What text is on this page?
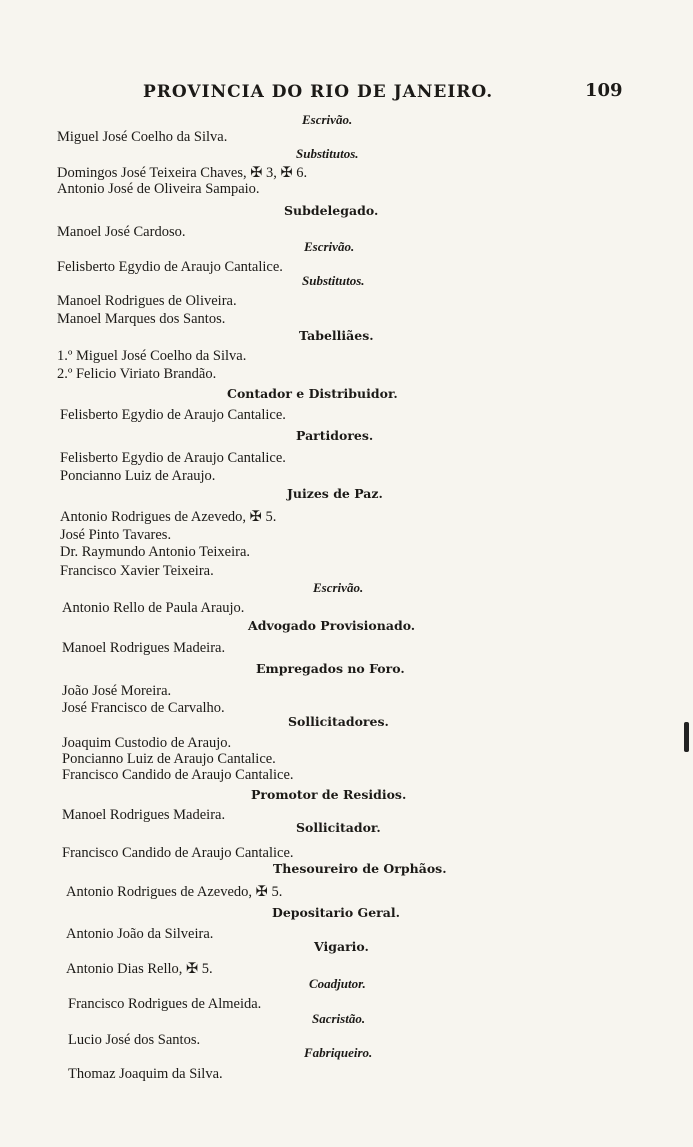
PROVINCIA DO RIO DE JANEIRO.	109
Escrivão.
Miguel José Coelho da Silva.
Substitutos.
Domingos José Teixeira Chaves, ✠ 3, ✠ 6.
Antonio José de Oliveira Sampaio.
Subdelegado.
Manoel José Cardoso.
Escrivão.
Felisberto Egydio de Araujo Cantalice.
Substitutos.
Manoel Rodrigues de Oliveira.
Manoel Marques dos Santos.
Tabelliães.
1.º Miguel José Coelho da Silva.
2.º Felicio Viriato Brandão.
Contador e Distribuidor.
Felisberto Egydio de Araujo Cantalice.
Partidores.
Felisberto Egydio de Araujo Cantalice.
Poncianno Luiz de Araujo.
Juizes de Paz.
Antonio Rodrigues de Azevedo, ✠ 5.
José Pinto Tavares.
Dr. Raymundo Antonio Teixeira.
Francisco Xavier Teixeira.
Escrivão.
Antonio Rello de Paula Araujo.
Advogado Provisionado.
Manoel Rodrigues Madeira.
Empregados no Foro.
João José Moreira.
José Francisco de Carvalho.
Sollicitadores.
Joaquim Custodio de Araujo.
Poncianno Luiz de Araujo Cantalice.
Francisco Candido de Araujo Cantalice.
Promotor de Residios.
Manoel Rodrigues Madeira.
Sollicitador.
Francisco Candido de Araujo Cantalice.
Thesoureiro de Orphãos.
Antonio Rodrigues de Azevedo, ✠ 5.
Depositario Geral.
Antonio João da Silveira.
Vigario.
Antonio Dias Rello, ✠ 5.
Coadjutor.
Francisco Rodrigues de Almeida.
Sacristão.
Lucio José dos Santos.
Fabriqueiro.
Thomaz Joaquim da Silva.
